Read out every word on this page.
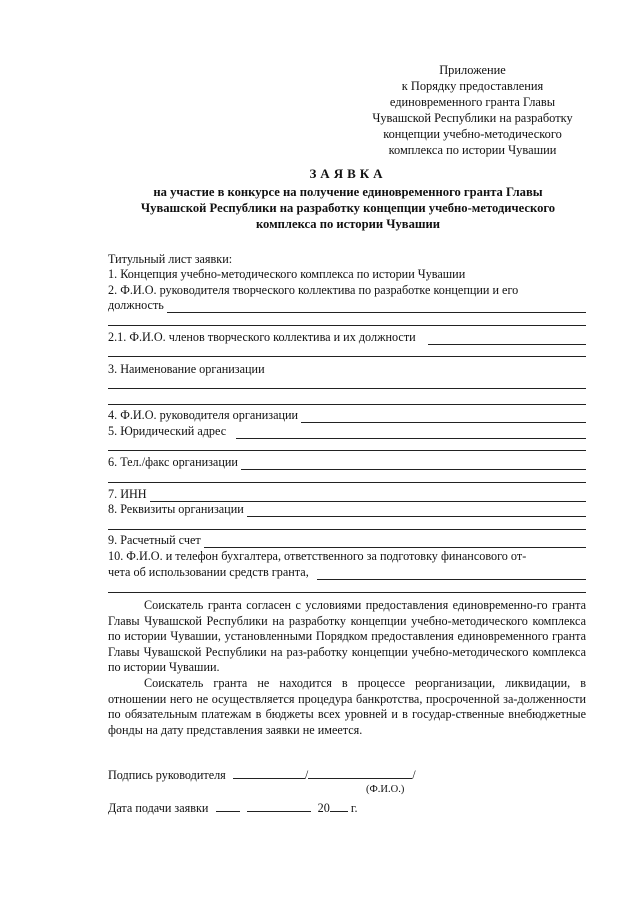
Приложение
к Порядку предоставления
единовременного гранта Главы
Чувашской Республики на разработку
концепции учебно-методического
комплекса по истории Чувашии
ЗАЯВКА
на участие в конкурсе на получение единовременного гранта Главы
Чувашской Республики на разработку концепции учебно-методического
комплекса по истории Чувашии
Титульный лист заявки:
1. Концепция учебно-методического комплекса по истории Чувашии
2. Ф.И.О. руководителя творческого коллектива по разработке концепции и его
должность
2.1. Ф.И.О. членов творческого коллектива и их должности
3. Наименование организации
4. Ф.И.О. руководителя организации
5. Юридический адрес
6. Тел./факс организации
7. ИНН
8. Реквизиты организации
9. Расчетный счет
10. Ф.И.О. и телефон бухгалтера, ответственного за подготовку финансового от-
чета об использовании средств гранта,
Соискатель гранта согласен с условиями предоставления единовременно-го гранта Главы Чувашской Республики на разработку концепции учебно-методического комплекса по истории Чувашии, установленными Порядком предоставления единовременного гранта Главы Чувашской Республики на раз-работку концепции учебно-методического комплекса по истории Чувашии.
Соискатель гранта не находится в процессе реорганизации, ликвидации, в отношении него не осуществляется процедура банкротства, просроченной за-долженности по обязательным платежам в бюджеты всех уровней и в государ-ственные внебюджетные фонды на дату представления заявки не имеется.
Подпись руководителя	/	/
(Ф.И.О.)
Дата подачи заявки	20 г.
